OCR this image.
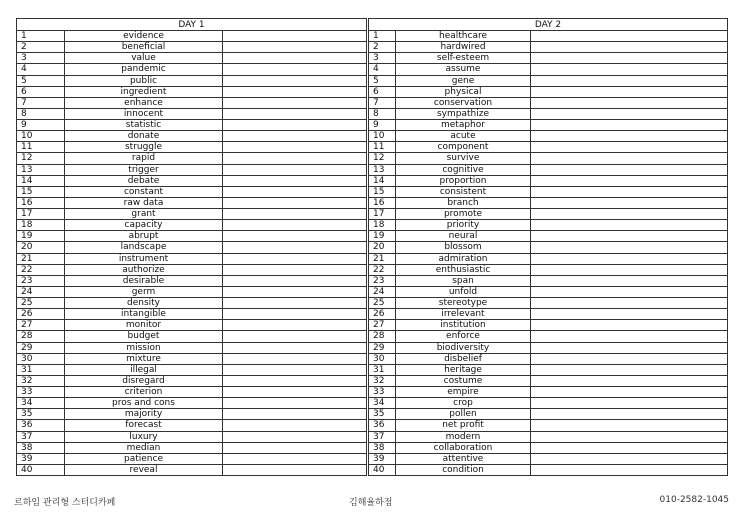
DAY 1		
1	evidence	
2	beneficial	
3	value	
4	pandemic	
5	public	
6	ingredient	
7	enhance	
8	innocent	
9	statistic	
10	donate	
11	struggle	
12	rapid	
13	trigger	
14	debate	
15	constant	
16	raw data	
17	grant	
18	capacity	
19	abrupt	
20	landscape	
21	instrument	
22	authorize	
23	desirable	
24	germ	
25	density	
26	intangible	
27	monitor	
28	budget	
29	mission	
30	mixture	
31	illegal	
32	disregard	
33	criterion	
34	pros and cons	
35	majority	
36	forecast	
37	luxury	
38	median	
39	patience	
40	reveal	
DAY 2		
1	healthcare	
2	hardwired	
3	self-esteem	
4	assume	
5	gene	
6	physical	
7	conservation	
8	sympathize	
9	metaphor	
10	acute	
11	component	
12	survive	
13	cognitive	
14	proportion	
15	consistent	
16	branch	
17	promote	
18	priority	
19	neural	
20	blossom	
21	admiration	
22	enthusiastic	
23	span	
24	unfold	
25	stereotype	
26	irrelevant	
27	institution	
28	enforce	
29	biodiversity	
30	disbelief	
31	heritage	
32	costume	
33	empire	
34	crop	
35	pollen	
36	net profit	
37	modern	
38	collaboration	
39	attentive	
40	condition	
르하임 관리형 스터디카페	김해율하점	010-2582-1045
